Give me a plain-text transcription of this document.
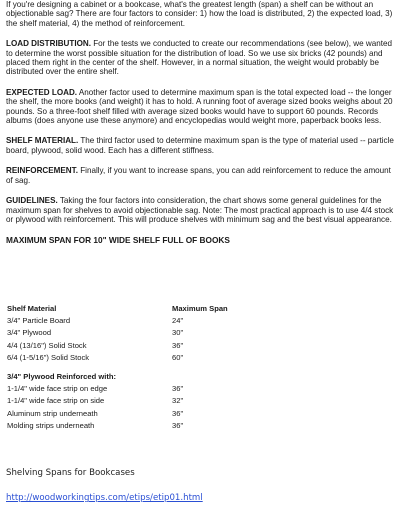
If you're designing a cabinet or a bookcase, what's the greatest length (span) a shelf can be without an objectionable sag? There are four factors to consider: 1) how the load is distributed, 2) the expected load, 3) the shelf material, 4) the method of reinforcement.

LOAD DISTRIBUTION. For the tests we conducted to create our recommendations (see below), we wanted to determine the worst possible situation for the distribution of load. So we use six bricks (42 pounds) and placed them right in the center of the shelf. However, in a normal situation, the weight would probably be distributed over the entire shelf.

EXPECTED LOAD. Another factor used to determine maximum span is the total expected load -- the longer the shelf, the more books (and weight) it has to hold. A running foot of average sized books weighs about 20 pounds. So a three-foot shelf filled with average sized books would have to support 60 pounds. Records albums (does anyone use these anymore) and encyclopedias would weight more, paperback books less.

SHELF MATERIAL. The third factor used to determine maximum span is the type of material used -- particle board, plywood, solid wood. Each has a different stiffness.

REINFORCEMENT. Finally, if you want to increase spans, you can add reinforcement to reduce the amount of sag.

GUIDELINES. Taking the four factors into consideration, the chart shows some general guidelines for the maximum span for shelves to avoid objectionable sag. Note: The most practical approach is to use 4/4 stock or plywood with reinforcement. This will produce shelves with minimum sag and the best visual appearance.

MAXIMUM SPAN FOR 10" WIDE SHELF FULL OF BOOKS
Shelf Material	Maximum Span
3/4" Particle Board	24"
3/4" Plywood	30"
4/4 (13/16") Solid Stock	36"
6/4 (1-5/16") Solid Stock	60"

3/4" Plywood Reinforced with:	
1-1/4" wide face strip on edge	36"
1-1/4" wide face strip on side	32"
Aluminum strip underneath	36"
Molding strips underneath	36"
Shelving Spans for Bookcases
http://woodworkingtips.com/etips/etip01.html
